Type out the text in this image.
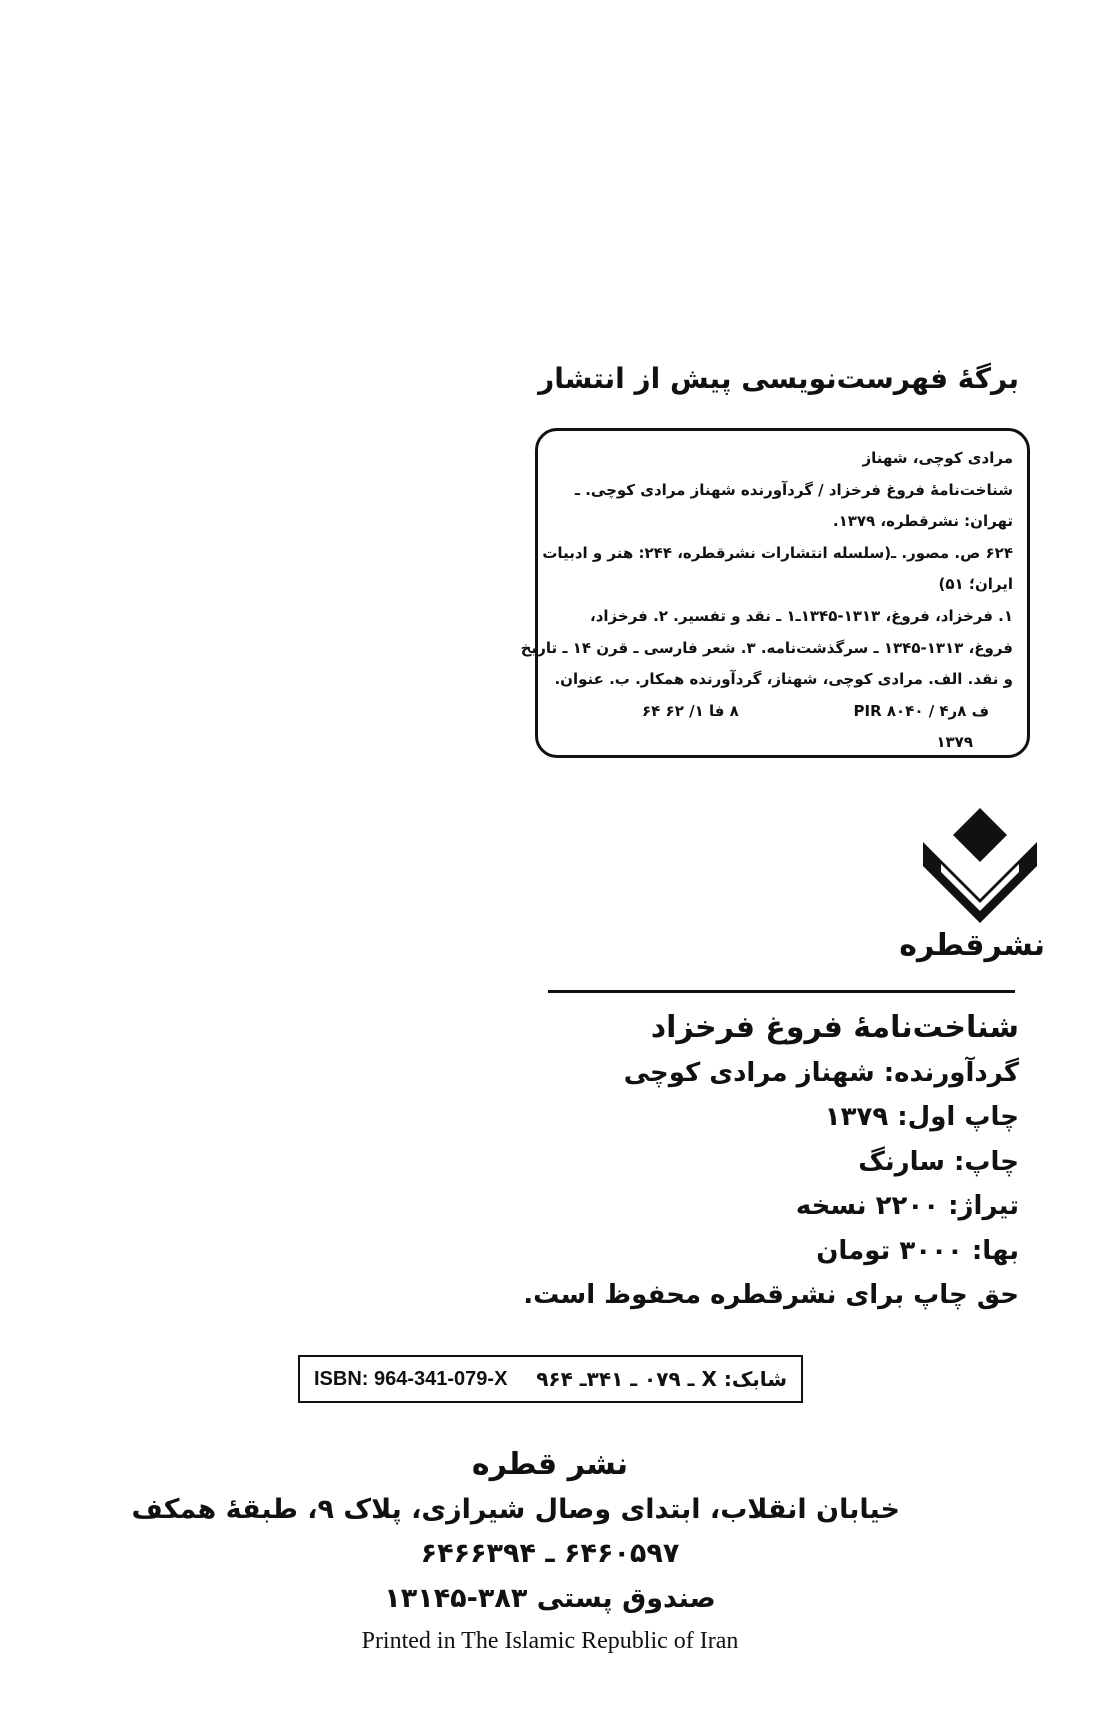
برگهٔ فهرست‌نویسی پیش از انتشار
مرادی کوچی، شهناز
شناخت‌نامهٔ فروغ فرخزاد / گردآورنده شهناز مرادی کوچی. ـ
تهران: نشرقطره، ۱۳۷۹.
۶۲۴ ص. مصور. ـ(سلسله انتشارات نشرقطره، ۲۴۴: هنر و ادبیات
ایران؛ ۵۱)
۱. فرخزاد، فروغ، ۱۳۱۳-۱۳۴۵ـ۱ ـ نقد و تفسیر. ۲. فرخزاد،
فروغ، ۱۳۱۳-۱۳۴۵ ـ سرگذشت‌نامه. ۳. شعر فارسی ـ قرن ۱۴ ـ تاریخ
و نقد. الف. مرادی کوچی، شهناز، گردآورنده همکار. ب. عنوان.
PIR ۸۰۴۰ / ۴ف ۸ر
۸ فا ۱/ ۶۲ ۶۴
۱۳۷۹
نشرقطره
شناخت‌نامهٔ فروغ فرخزاد
گردآورنده: شهناز مرادی کوچی
چاپ اول: ۱۳۷۹
چاپ: سارنگ
تیراژ: ۲۲۰۰ نسخه
بها: ۳۰۰۰ تومان
حق چاپ برای نشرقطره محفوظ است.
ISBN: 964-341-079-X شابک: X ـ ۰۷۹ ـ ۳۴۱ـ ۹۶۴
نشر قطره
خیابان انقلاب، ابتدای وصال شیرازی، پلاک ۹، طبقهٔ همکف
۶۴۶۰۵۹۷ ـ ۶۴۶۶۳۹۴
صندوق پستی ۳۸۳-۱۳۱۴۵
Printed in The Islamic Republic of Iran
